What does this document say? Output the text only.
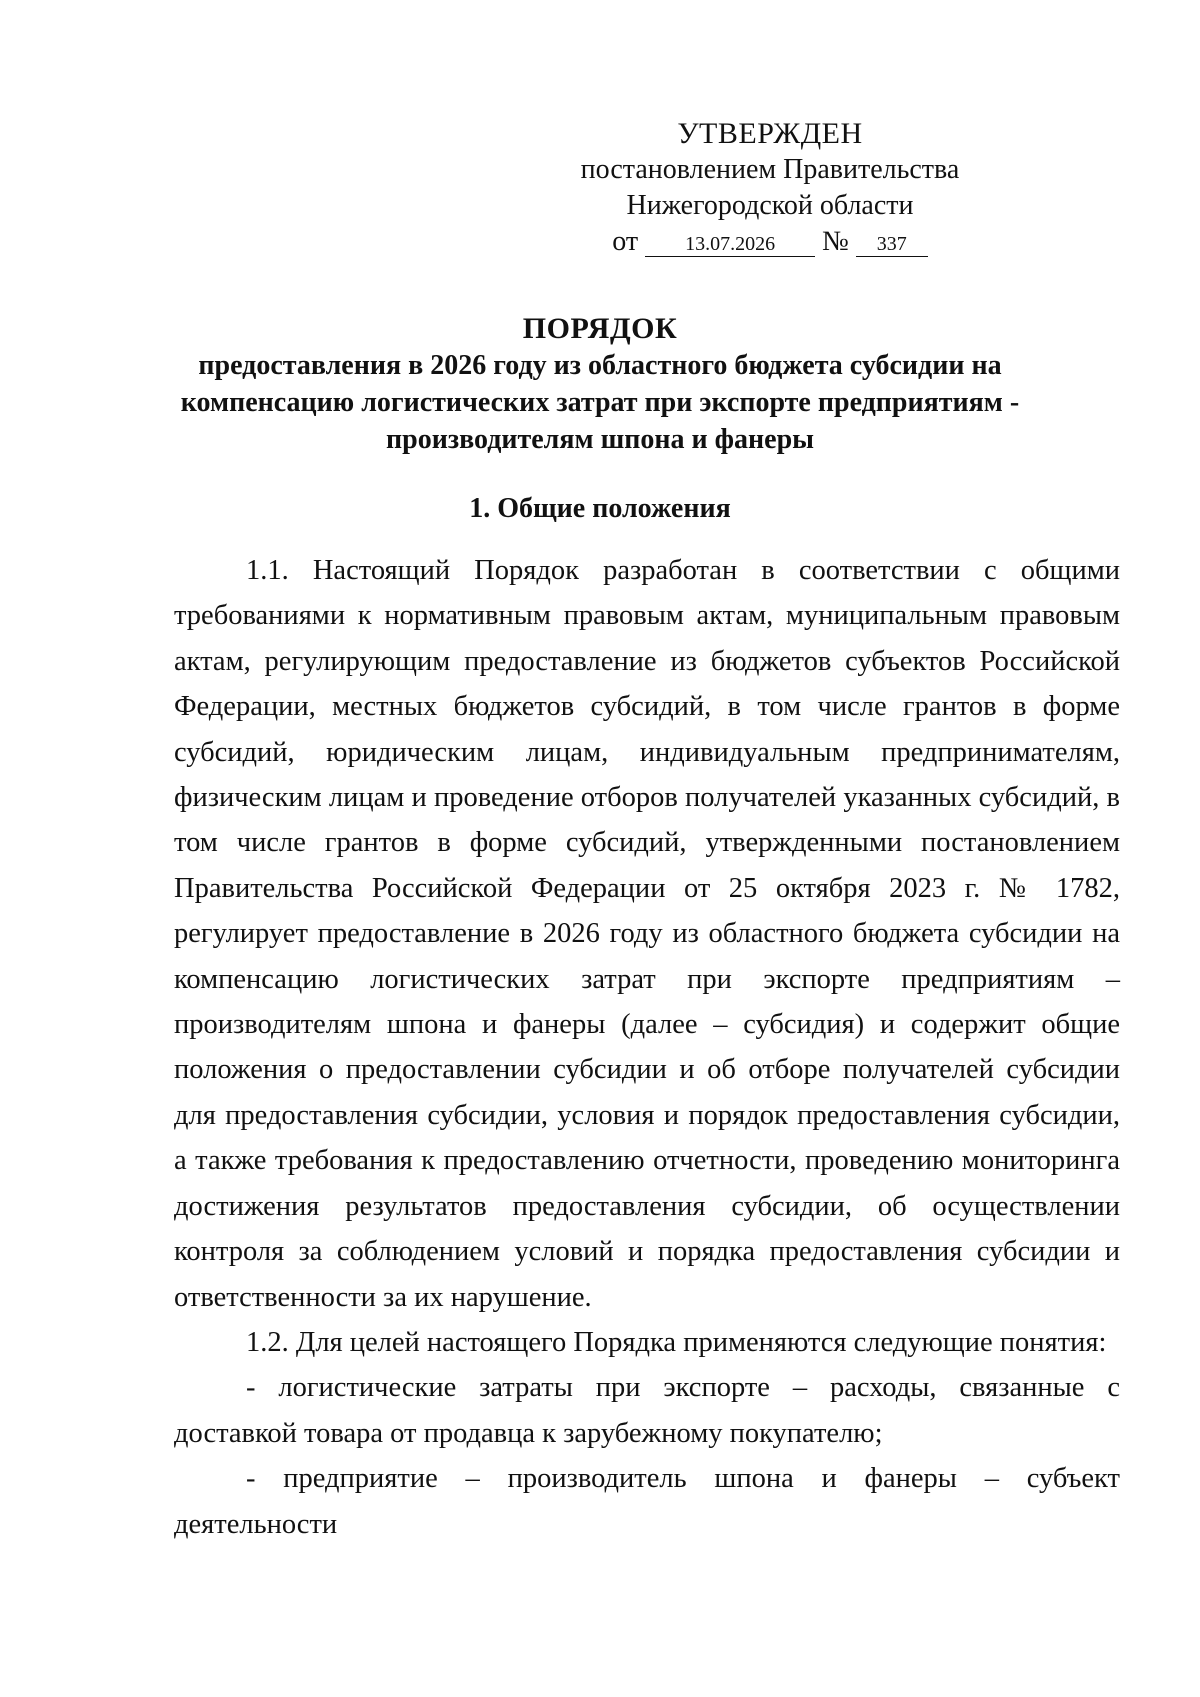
УТВЕРЖДЕН
постановлением Правительства
Нижегородской области
от 13.07.2026 № 337
ПОРЯДОК
предоставления в 2026 году из областного бюджета субсидии на компенсацию логистических затрат при экспорте предприятиям - производителям шпона и фанеры
1. Общие положения

1.1. Настоящий Порядок разработан в соответствии с общими требованиями к нормативным правовым актам, муниципальным правовым актам, регулирующим предоставление из бюджетов субъектов Российской Федерации, местных бюджетов субсидий, в том числе грантов в форме субсидий, юридическим лицам, индивидуальным предпринимателям, физическим лицам и проведение отборов получателей указанных субсидий, в том числе грантов в форме субсидий, утвержденными постановлением Правительства Российской Федерации от 25 октября 2023 г. № 1782, регулирует предоставление в 2026 году из областного бюджета субсидии на компенсацию логистических затрат при экспорте предприятиям – производителям шпона и фанеры (далее – субсидия) и содержит общие положения о предоставлении субсидии и об отборе получателей субсидии для предоставления субсидии, условия и порядок предоставления субсидии, а также требования к предоставлению отчетности, проведению мониторинга достижения результатов предоставления субсидии, об осуществлении контроля за соблюдением условий и порядка предоставления субсидии и ответственности за их нарушение.

1.2. Для целей настоящего Порядка применяются следующие понятия:

- логистические затраты при экспорте – расходы, связанные с доставкой товара от продавца к зарубежному покупателю;

- предприятие – производитель шпона и фанеры – субъект деятельности
